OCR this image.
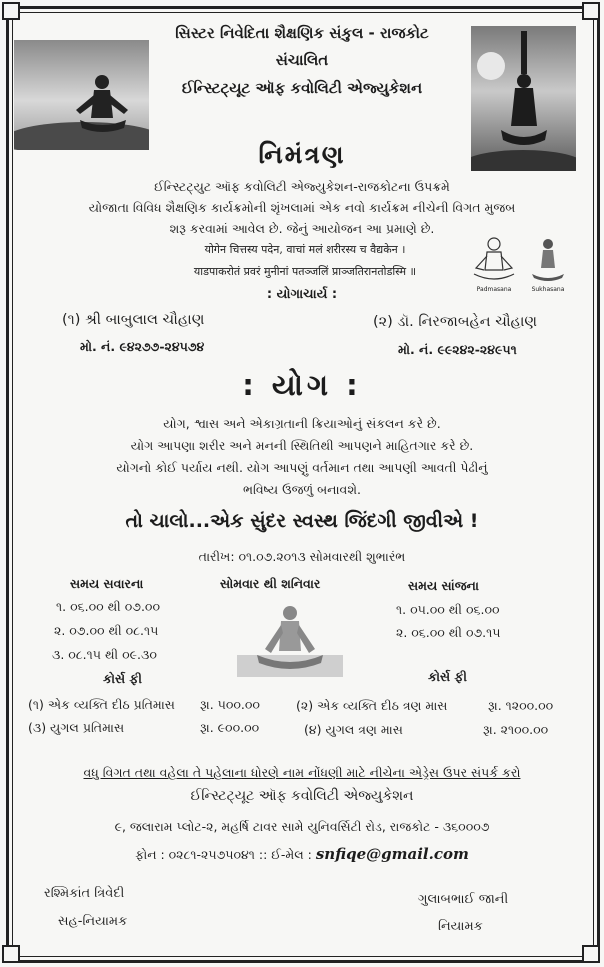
સિસ્ટર નિવેદિતા શૈક્ષણિક સંકુલ - રાજકોટ
સંચાલિત
ઈન્સ્ટિટ્યૂટ ઑફ કવોલિટી એજ્યુકેશન
નિમંત્રણ
ઈન્સ્ટિટ્યુટ ઑફ કવોલિટી એજ્યુકેશન-રાજકોટના ઉપક્રમે
યોજાતા વિવિધ શૈક્ષણિક કાર્યક્રમોની શૃંખલામાં એક નવો કાર્યક્રમ નીચેની વિગત મુજબ
શરૂ કરવામાં આવેલ છે. જેનું આયોજન આ પ્રમાણે છે.
योगेन चित्तस्य पदेन, वाचां मलं शरीरस्य च वैद्यकेन ।
याडपाकरोतं प्रवरं मुनीनां पतञ्जलिं प्राञ्जतिरानतोडस्मि ॥
Padmasana	Sukhasana
: યોગાચાર્ય :
(૧) શ્રી બાબુલાલ ચૌહાણ
મો. નં. ૯૪૨૭૭-૨૪૫૭૪
(૨) ડૉ. નિરજાબહેન ચૌહાણ
મો. નં. ૯૯૨૪૨-૨૪૯૫૧
: યોગ :
યોગ, શ્વાસ અને એકાગ્રતાની ક્રિયાઓનું સંકલન કરે છે.
યોગ આપણા શરીર અને મનની સ્થિતિથી આપણને માહિતગાર કરે છે.
યોગનો કોઈ પર્યાય નથી. યોગ આપણું વર્તમાન તથા આપણી આવતી પેઢીનું
ભવિષ્ય ઉજળું બનાવશે.
તો ચાલો...એક સુંદર સ્વસ્થ જિંદગી જીવીએ !
તારીખ: ૦૧.૦૭.૨૦૧૩ સોમવારથી શુભારંભ
સમય સવારના	સોમવાર થી શનિવાર	સમય સાંજના
૧. ૦૬.૦૦ થી ૦૭.૦૦
૨. ૦૭.૦૦ થી ૦૮.૧૫
૩. ૦૮.૧૫ થી ૦૯.૩૦
૧. ૦૫.૦૦ થી ૦૬.૦૦
૨. ૦૬.૦૦ થી ૦૭.૧૫
કોર્સ ફી	કોર્સ ફી
(૧) એક વ્યક્તિ દીઠ પ્રતિમાસ રૂા. ૫૦૦.૦૦	(૨) એક વ્યક્તિ દીઠ ત્રણ માસ	રૂા. ૧૨૦૦.૦૦
(૩) યુગલ પ્રતિમાસ	રૂા. ૯૦૦.૦૦	(૪) યુગલ ત્રણ માસ	રૂા. ૨૧૦૦.૦૦
વધુ વિગત તથા વહેલા તે પહેલાના ધોરણે નામ નોંધણી માટે નીચેના એડ્રેસ ઉપર સંપર્ક કરો
ઈન્સ્ટિટ્યૂટ ઑફ કવોલિટી એજ્યુકેશન
૯, જલારામ પ્લોટ-૨, મહર્ષિ ટાવર સામે યુનિવર્સિટી રોડ, રાજકોટ - ૩૬૦૦૦૭
ફોન : ૦૨૮૧-૨૫૭૫૦૪૧ :: ઈ-મેલ : snfiqe@gmail.com
રશ્મિકાંત ત્રિવેદી
સહ-નિયામક
ગુલાબભાઈ જાની
નિયામક
